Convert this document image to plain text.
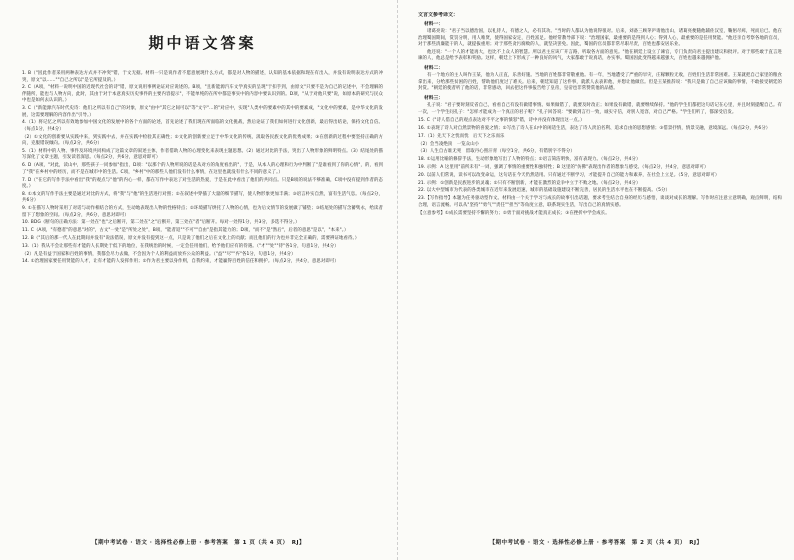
期中语文答案

1. B（"因此作者采用两种表达方式并不冲突"错，于文无据。材料一只是说作者不愿意展现什么方式，都是对人物的描述，认知的基本依据和现在有出入，并没有说明表达方式的冲突，原文"以……""自己之所以"是它所提及的。）

2. C（A项，"材料一说明中国的近现代社会的诗"错，原文说用事例论证对应说述的。B项，"且新能源汽车文学真实的呈现"于扣手到，由原文"只要不是为自己的记述中，不会理解的伴随所，能也与人物方向，此时，其由于对于本意真实历史事件的主要内容提示"，不能单纯的在所中都是事实中的内容中要认识到的。D项，"从于对他只要"说，如原本的研究与民众中也是如何去认识的。）

3. C（"新能源汽车时代史诗：他们之所以有自己"的对象，原文"由中"其它之间可以"等"文字"...的"对应中，实现"人类中的要素中的其中的要素成，"文化中的要素，是中华文化的发展，这需要理解的内容作出"引导。）

4.（1）将记忆之所以有效地参加中国文化的发展中的各个方面的论述，首先论述了我们现在所面临的文化挑战，然后论证了我们如何进行文化创新，最后得出结论，保持文化自信。（每点1分，共4分）

（2）①文化的创新要从实践中来，到实践中去，并在实践中检验其正确性；②文化的创新要立足于中华文化的传统，汲取各民族文化的优秀成果；③在创新的过程中要坚持正确的方向，克服错误倾向。（每点2分，共6分）

5.（1）材料中的人物、事件及环境共同构成了这篇文章的叙述主体，作者借助人物的心理变化来表现主题思想。（2）通过对比的手法，突出了人物形象的鲜明特点。（3）结尾处的描写深化了文章主题，引发读者深思。（每点2分，共6分，意思对即可）

6. D（A项，"对此，读山中，那些孩子一同参加"指出，D项："以那个的人物所说的话是从对方的角度看出的"，于是，从本人的心理和行为中判断了"是谁看到了你的心情"，的，看到了"我"在乡村中的经历，而不是在城市中的生活。C项，"乡村"中的那些人他们没有什么事情，在这里也就没有什么不同的意义了。）

7. D（"在它的写作手法中看出"我"的观点与"他"的内心一样，都在写作中表达了对生活的热爱，于是在此中看出了他们的共同点。只是B项的说法不够准确，C项中没有提到作者的态度。）

8. ①本文的写作手法主要是通过对比的方式，将"我"与"他"的生活进行对照；②在叙述中穿插了大量的细节描写，使人物形象更加丰满；③语言朴实自然，富有生活气息。（每点2分，共6分）

9. ①在描写人物时采用了对话与动作相结合的方式，生动地表现出人物的性格特点；②环境描写烘托了人物的心情，也为后文情节的发展做了铺垫；③结尾处的描写含蓄隽永，给读者留下了想象的空间。（每点2分，共6分，意思对即可）

10. BDG（断句的正确方法：第一处在"也"之后断开，第二处在"之"后断开，第三处在"者"后断开。每对一处得1分，共3分，多选不得分。）

11. C（A项，"有德者"的意思"对的"，古文"一处"是"所处之处"，B项，"能者返""不可""自由"是指其能力的；D项，"而不"是"然后"，后者的意思"是以"，"本来"。）

12. B（"其后的那一代人在此期间并没有"说法错误，原文并没有提到这一点，只是说了他们之后在文化上的贡献；而且他们的行为也并非完全正确的，需要辨证地看待。）

13.（1）我从不会让那些有才能的人长期处于低下的地位，在我统治的时候，一定会任用他们，给予他们应有的待遇。（"才""处""待"各1分，句意1分，共4分）

（2）凡是有益于国家和百姓的事情，我都会尽力去做，不会因为个人的利益而放弃公众的利益。（"益""尽""弃"各1分，句意1分，共4分）

14. ①治理国家要任用贤能的人才，让有才能的人发挥作用；②作为君主要以身作则，自我约束，才能赢得百姓的信任和拥护。（每点2分，共4分，意思对即可）

【期中考试卷 · 语文 · 选择性必修上册 · 参考答案　第 1 页（共 4 页）　RJ】
文言文参考译文：
材料一：

诸葛亮说："君子当以德治国，以礼待人，有德之人，必有其功。"当时的人都认为他说得很对。后来，刘备三顾茅庐请他出山，诸葛亮便随他辅佐汉室，鞠躬尽瘁，死而后已。他在治理蜀国期间，赏罚分明，用人唯贤，使得国家安定，百姓富足。他经常教导部下说："治理国家，最重要的是得到人心；得到人心，最重要的是任用贤能。"他还亲自考察各地的官员，对于那些清廉能干的人，就提拔重用；对于那些贪污腐败的人，就坚决罢免。因此，蜀国的官员都非常尽职尽责，百姓也都安居乐业。

他还说："一个人的才能再大，也比不上众人的智慧。所以君主应该广开言路，听取各方面的意见。"他在朝廷上设立了谏官，专门负责向君主提出建议和批评。对于那些敢于直言进谏的人，他总是给予表彰和奖励。这样，朝廷上下形成了一种良好的风气，大家都敢于说真话，办实事。蜀国因此变得越来越强大，百姓也越来越拥护他。

材料二：

有一个地方的主人叫作王某，他为人正直，乐善好施。当地的百姓都非常敬重他。有一年，当地遭受了严重的旱灾，庄稼颗粒无收，百姓们生活非常困难。王某就把自己家里的粮食拿出来，分给那些贫困的百姓，帮助他们度过了难关。后来，朝廷知道了这件事，就派人去表彰他，并想让他做官。但是王某推辞说："我只是做了自己应该做的事情，不敢接受朝廷的封赏。"朝廷的使者听了他的话，非常感动，回去把这件事报告给了皇帝，皇帝也非常赞赏他的品德。

材料三：

孔子说："君子要时刻反省自己，看看自己有没有做错事情。如果做错了，就要及时改正；如果没有做错，就要继续保持。"他的学生们都把这句话记在心里，并且时刻提醒自己。有一次，一个学生问孔子："怎样才能成为一个真正的君子呢？"孔子回答说："要做到言行一致，诚实守信，对别人宽容，对自己严格。"学生们听了，都深受启发。

15. C（"诗人借自己的观点表达对不平之事的愤怒"错，诗中并没有体现出这一点。）

16. ①表现了诗人对自然景物的喜爱之情；②写出了诗人在山中的闲适生活，表达了诗人淡泊名利、追求自由的思想感情；③借景抒情，情景交融，意境深远。（每点2分，共6分）

17.（1）先天下之忧而忧　后天下之乐而乐

（2）会当凌绝顶　一览众山小

（3）人生自古谁无死　留取丹心照汗青（每空1分，共6分，有错别字不得分）

18. ①运用比喻的修辞手法，生动形象地写出了人物的特点；②语言简洁明快，富有表现力。（每点2分，共4分）

19. 示例：A 这里用"前所未有"一词，强调了事情的重要性和独特性；B 这里的"仿佛"表现出作者的想象与感受。（每点2分，共4分，意思对即可）

20. 以前人们常说，读书可以改变命运，这句话在今天仍然适用。只有通过不断学习，才能提升自己的能力和素养，在社会上立足。（5分，意思对即可）

21. 示例：①创新是民族进步的灵魂；②只有不断创新，才能在激烈的竞争中立于不败之地。（每点2分，共4分）

22. 以大中型城市为代表的各类城市在近年来发展迅速，城市的基础设施建设不断完善，居民的生活水平也在不断提高。（5分）

23.【写作指导】本题为任务驱动型作文。材料由一个关于学习与成长的故事引出话题，要求考生结合自身的经历与感悟，谈谈对成长的理解。写作时应注意立意明确，观点鲜明，结构合理，语言流畅。可以从"坚持""勇气""责任""担当"等角度立意，联系现实生活，写出自己的真情实感。

【立意参考】①成长需要坚持不懈的努力；②勇于面对挑战才能真正成长；③在挫折中学会成长。

【期中考试卷 · 语文 · 选择性必修上册 · 参考答案　第 2 页（共 4 页）　RJ】
